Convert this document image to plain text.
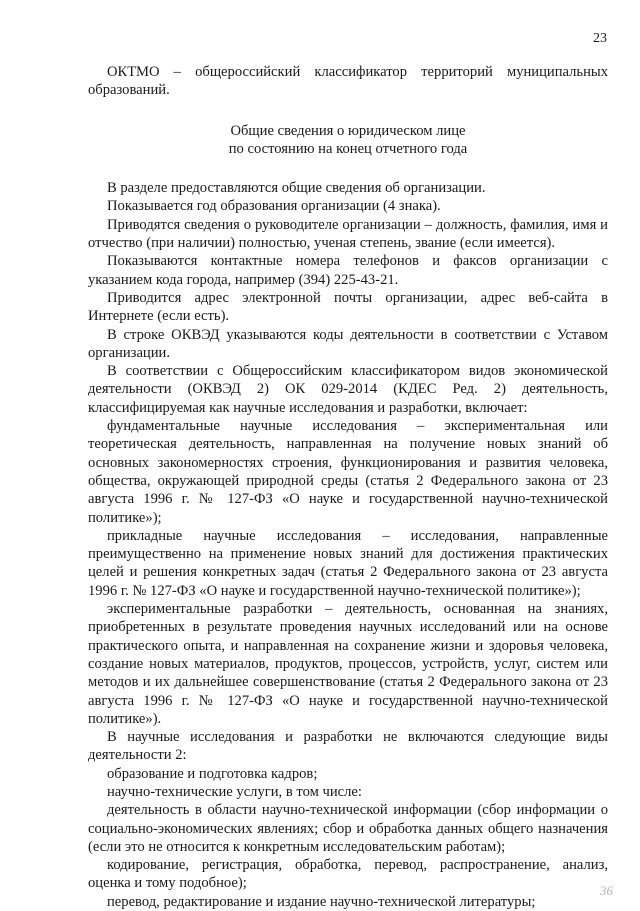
23

ОКТМО – общероссийский классификатор территорий муниципальных образований.

Общие сведения о юридическом лице
по состоянию на конец отчетного года

В разделе предоставляются общие сведения об организации.

Показывается год образования организации (4 знака).

Приводятся сведения о руководителе организации – должность, фамилия, имя и отчество (при наличии) полностью, ученая степень, звание (если имеется).

Показываются контактные номера телефонов и факсов организации с указанием кода города, например (394) 225-43-21.

Приводится адрес электронной почты организации, адрес веб-сайта в Интернете (если есть).

В строке ОКВЭД указываются коды деятельности в соответствии с Уставом организации.

В соответствии с Общероссийским классификатором видов экономической деятельности (ОКВЭД 2) ОК 029-2014 (КДЕС Ред. 2) деятельность, классифицируемая как научные исследования и разработки, включает:

фундаментальные научные исследования – экспериментальная или теоретическая деятельность, направленная на получение новых знаний об основных закономерностях строения, функционирования и развития человека, общества, окружающей природной среды (статья 2 Федерального закона от 23 августа 1996 г. № 127-ФЗ «О науке и государственной научно-технической политике»);

прикладные научные исследования – исследования, направленные преимущественно на применение новых знаний для достижения практических целей и решения конкретных задач (статья 2 Федерального закона от 23 августа 1996 г. № 127-ФЗ «О науке и государственной научно-технической политике»);

экспериментальные разработки – деятельность, основанная на знаниях, приобретенных в результате проведения научных исследований или на основе практического опыта, и направленная на сохранение жизни и здоровья человека, создание новых материалов, продуктов, процессов, устройств, услуг, систем или методов и их дальнейшее совершенствование (статья 2 Федерального закона от 23 августа 1996 г. № 127-ФЗ «О науке и государственной научно-технической политике»).

В научные исследования и разработки не включаются следующие виды деятельности 2:

образование и подготовка кадров;

научно-технические услуги, в том числе:

деятельность в области научно-технической информации (сбор информации о социально-экономических явлениях; сбор и обработка данных общего назначения (если это не относится к конкретным исследовательским работам);

кодирование, регистрация, обработка, перевод, распространение, анализ, оценка и тому подобное);

перевод, редактирование и издание научно-технической литературы;

36
